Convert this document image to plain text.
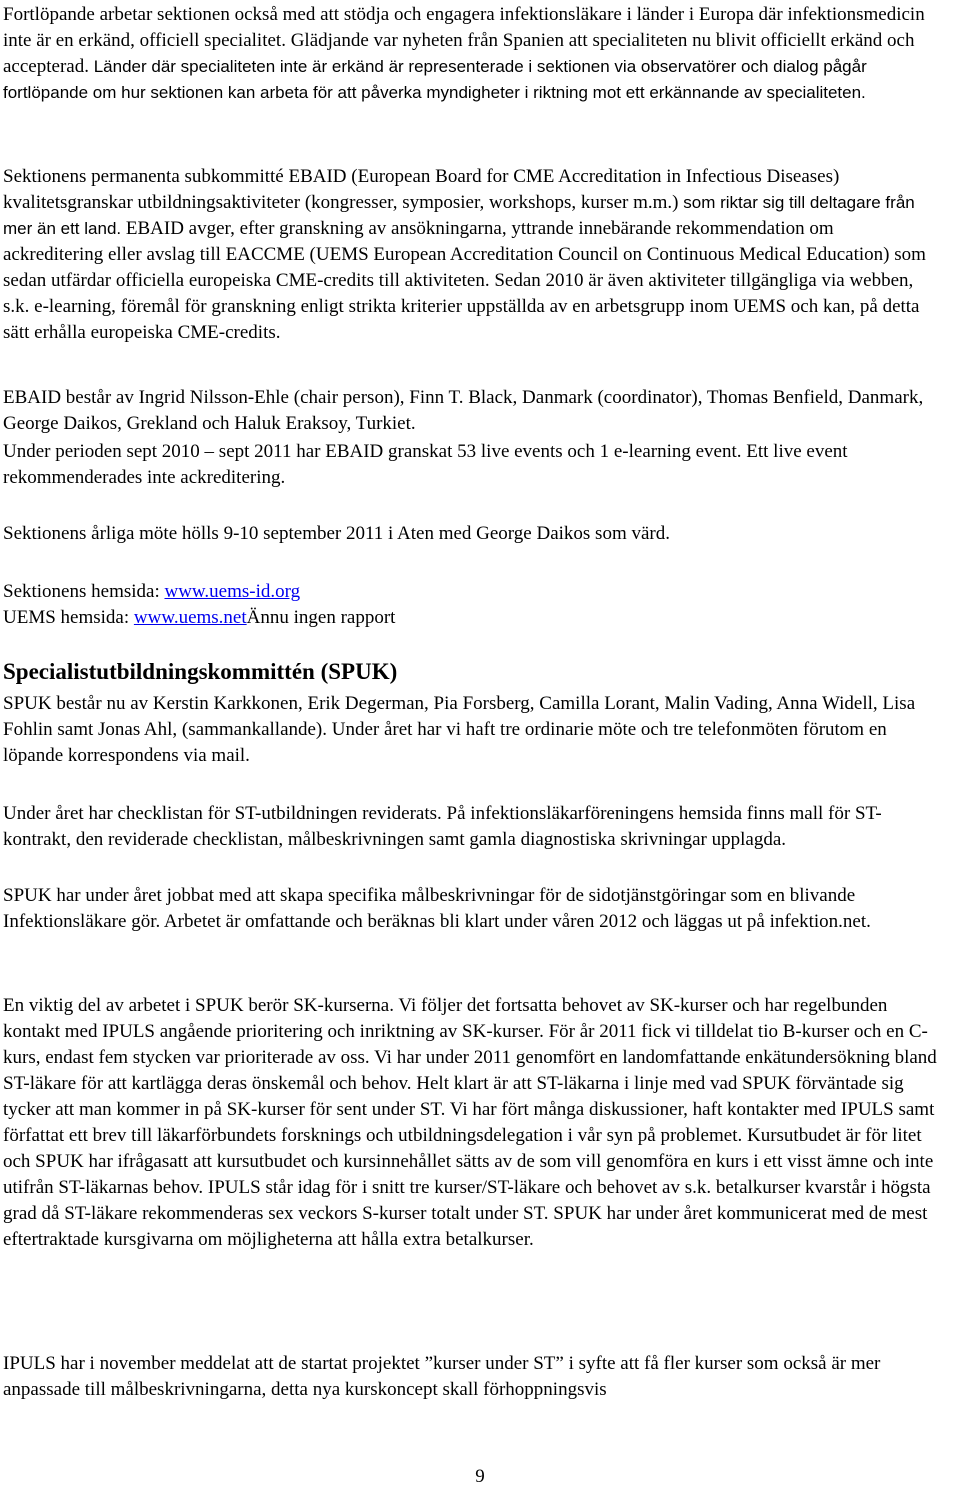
Fortlöpande arbetar sektionen också med att stödja och engagera infektionsläkare i länder i Europa där infektionsmedicin inte är en erkänd, officiell specialitet. Glädjande var nyheten från Spanien att specialiteten nu blivit officiellt erkänd och accepterad. Länder där specialiteten inte är erkänd är representerade i sektionen via observatörer och dialog pågår fortlöpande om hur sektionen kan arbeta för att påverka myndigheter i riktning mot ett erkännande av specialiteten.

Sektionens permanenta subkommitté EBAID (European Board for CME Accreditation in Infectious Diseases) kvalitetsgranskar utbildningsaktiviteter (kongresser, symposier, workshops, kurser m.m.) som riktar sig till deltagare från mer än ett land. EBAID avger, efter granskning av ansökningarna, yttrande innebärande rekommendation om ackreditering eller avslag till EACCME (UEMS European Accreditation Council on Continuous Medical Education) som sedan utfärdar officiella europeiska CME-credits till aktiviteten. Sedan 2010 är även aktiviteter tillgängliga via webben, s.k. e-learning, föremål för granskning enligt strikta kriterier uppställda av en arbetsgrupp inom UEMS och kan, på detta sätt erhålla europeiska CME-credits.

EBAID består av Ingrid Nilsson-Ehle (chair person), Finn T. Black, Danmark (coordinator), Thomas Benfield, Danmark, George Daikos, Grekland och Haluk Eraksoy, Turkiet.

Under perioden sept 2010 – sept 2011 har EBAID granskat 53 live events och 1 e-learning event. Ett live event rekommenderades inte ackreditering.

Sektionens årliga möte hölls 9-10 september 2011 i Aten med George Daikos som värd.

Sektionens hemsida: www.uems-id.org

UEMS hemsida: www.uems.netÄnnu ingen rapport

Specialistutbildningskommittén (SPUK)

SPUK består nu av Kerstin Karkkonen, Erik Degerman, Pia Forsberg, Camilla Lorant, Malin Vading, Anna Widell, Lisa Fohlin samt Jonas Ahl, (sammankallande). Under året har vi haft tre ordinarie möte och tre telefonmöten förutom en löpande korrespondens via mail.

Under året har checklistan för ST-utbildningen reviderats. På infektionsläkarföreningens hemsida finns mall för ST-kontrakt, den reviderade checklistan, målbeskrivningen samt gamla diagnostiska skrivningar upplagda.

SPUK har under året jobbat med att skapa specifika målbeskrivningar för de sidotjänstgöringar som en blivande Infektionsläkare gör. Arbetet är omfattande och beräknas bli klart under våren 2012 och läggas ut på infektion.net.

En viktig del av arbetet i SPUK berör SK-kurserna. Vi följer det fortsatta behovet av SK-kurser och har regelbunden kontakt med IPULS angående prioritering och inriktning av SK-kurser. För år 2011 fick vi tilldelat tio B-kurser och en C-kurs, endast fem stycken var prioriterade av oss. Vi har under 2011 genomfört en landomfattande enkätundersökning bland ST-läkare för att kartlägga deras önskemål och behov. Helt klart är att ST-läkarna i linje med vad SPUK förväntade sig tycker att man kommer in på SK-kurser för sent under ST. Vi har fört många diskussioner, haft kontakter med IPULS samt författat ett brev till läkarförbundets forsknings och utbildningsdelegation i vår syn på problemet. Kursutbudet är för litet och SPUK har ifrågasatt att kursutbudet och kursinnehållet sätts av de som vill genomföra en kurs i ett visst ämne och inte utifrån ST-läkarnas behov. IPULS står idag för i snitt tre kurser/ST-läkare och behovet av s.k. betalkurser kvarstår i högsta grad då ST-läkare rekommenderas sex veckors S-kurser totalt under ST. SPUK har under året kommunicerat med de mest eftertraktade kursgivarna om möjligheterna att hålla extra betalkurser.

IPULS har i november meddelat att de startat projektet ”kurser under ST” i syfte att få fler kurser som också är mer anpassade till målbeskrivningarna, detta nya kurskoncept skall förhoppningsvis

9
